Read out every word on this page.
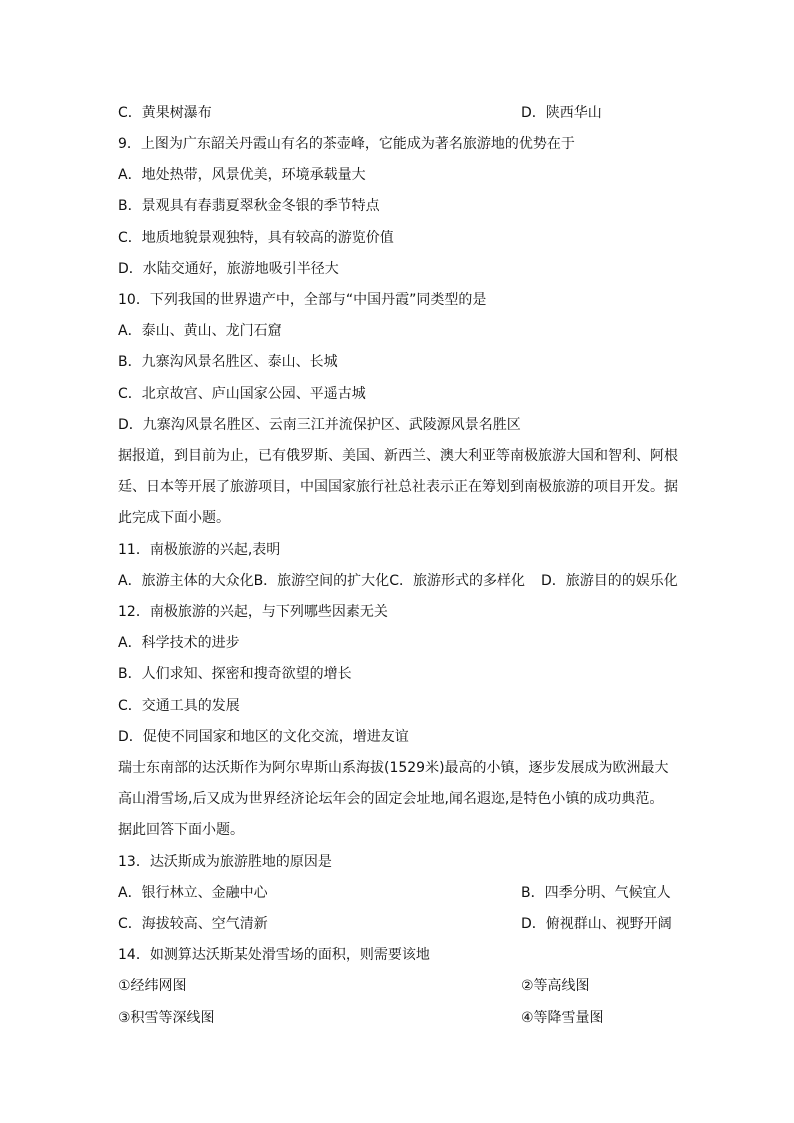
C．黄果树瀑布	D．陕西华山
9．上图为广东韶关丹霞山有名的茶壶峰，它能成为著名旅游地的优势在于
A．地处热带，风景优美，环境承载量大
B．景观具有春翡夏翠秋金冬银的季节特点
C．地质地貌景观独特，具有较高的游览价值
D．水陆交通好，旅游地吸引半径大
10．下列我国的世界遗产中，全部与“中国丹霞”同类型的是
A．泰山、黄山、龙门石窟
B．九寨沟风景名胜区、泰山、长城
C．北京故宫、庐山国家公园、平遥古城
D．九寨沟风景名胜区、云南三江并流保护区、武陵源风景名胜区
据报道，到目前为止，已有俄罗斯、美国、新西兰、澳大利亚等南极旅游大国和智利、阿根
廷、日本等开展了旅游项目，中国国家旅行社总社表示正在筹划到南极旅游的项目开发。据
此完成下面小题。
11．南极旅游的兴起,表明
A．旅游主体的大众化B．旅游空间的扩大化C．旅游形式的多样化 D．旅游目的的娱乐化
12．南极旅游的兴起，与下列哪些因素无关
A．科学技术的进步
B．人们求知、探密和搜奇欲望的增长
C．交通工具的发展
D．促使不同国家和地区的文化交流，增进友谊
瑞士东南部的达沃斯作为阿尔卑斯山系海拔(1529米)最高的小镇，逐步发展成为欧洲最大
高山滑雪场,后又成为世界经济论坛年会的固定会址地,闻名遐迩,是特色小镇的成功典范。
据此回答下面小题。
13．达沃斯成为旅游胜地的原因是
A．银行林立、金融中心	B．四季分明、气候宜人
C．海拔较高、空气清新	D．俯视群山、视野开阔
14．如测算达沃斯某处滑雪场的面积，则需要该地
①经纬网图	②等高线图
③积雪等深线图	④等降雪量图
